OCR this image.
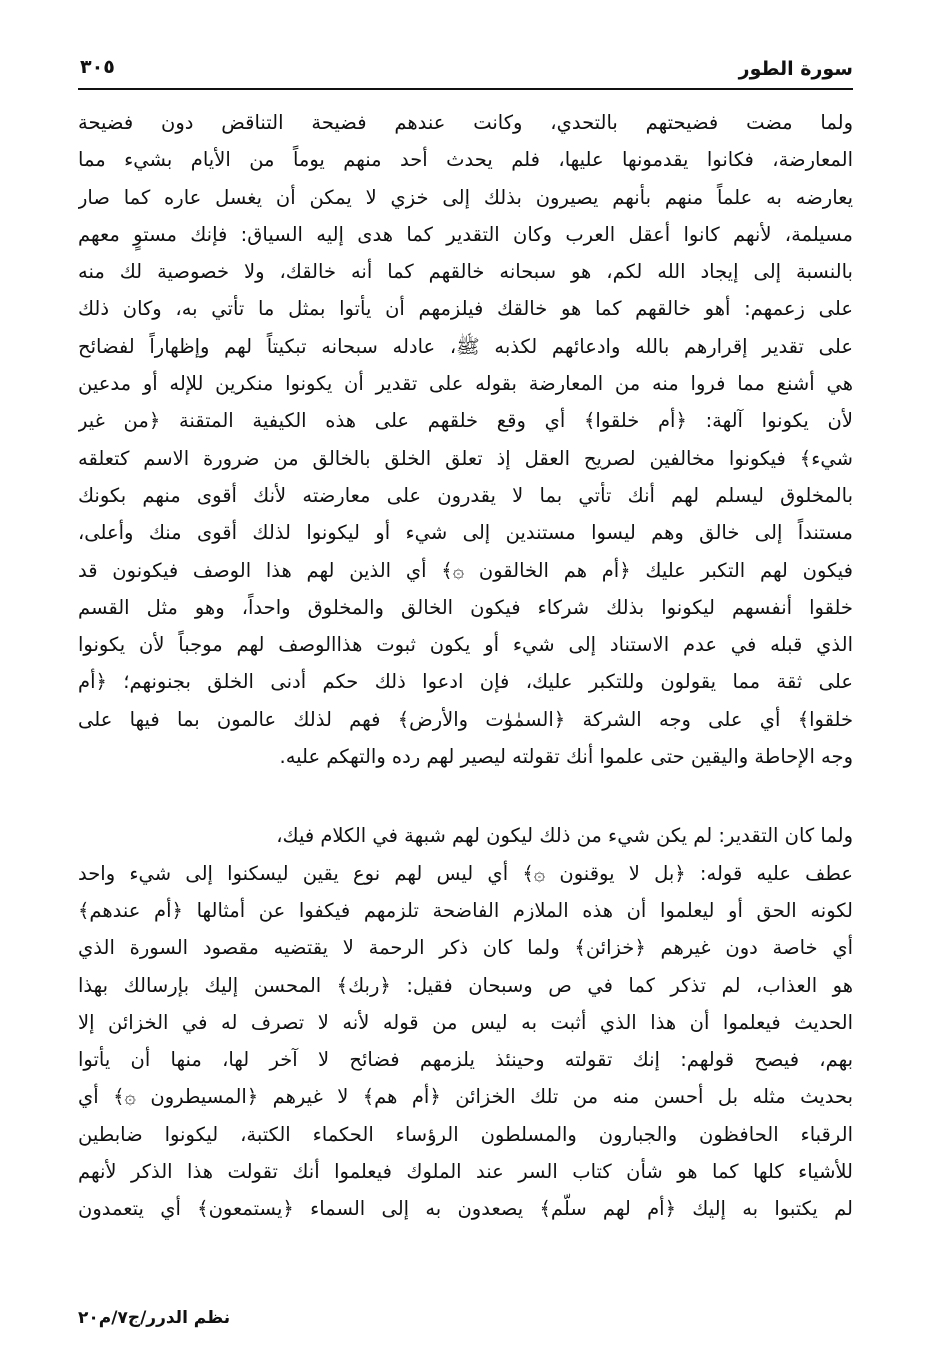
سورة الطور
٣٠٥

ولما مضت فضيحتهم بالتحدي، وكانت عندهم فضيحة التناقض دون فضيحة
المعارضة، فكانوا يقدمونها عليها، فلم يحدث أحد منهم يوماً من الأيام بشيء مما
يعارضه به علماً منهم بأنهم يصيرون بذلك إلى خزي لا يمكن أن يغسل عاره كما صار
مسيلمة، لأنهم كانوا أعقل العرب وكان التقدير كما هدى إليه السياق: فإنك مستوٍ معهم
بالنسبة إلى إيجاد الله لكم، هو سبحانه خالقهم كما أنه خالقك، ولا خصوصية لك منه
على زعمهم: أهو خالقهم كما هو خالقك فيلزمهم أن يأتوا بمثل ما تأتي به، وكان ذلك
على تقدير إقرارهم بالله وادعائهم لكذبه ﷺ، عادله سبحانه تبكيتاً لهم وإظهاراً لفضائح
هي أشنع مما فروا منه من المعارضة بقوله على تقدير أن يكونوا منكرين للإله أو مدعين
لأن يكونوا آلهة: ﴿أم خلقوا﴾ أي وقع خلقهم على هذه الكيفية المتقنة ﴿من غير
شيء﴾ فيكونوا مخالفين لصريح العقل إذ تعلق الخلق بالخالق من ضرورة الاسم كتعلقه
بالمخلوق ليسلم لهم أنك تأتي بما لا يقدرون على معارضته لأنك أقوى منهم بكونك
مستنداً إلى خالق وهم ليسوا مستندين إلى شيء أو ليكونوا لذلك أقوى منك وأعلى،
فيكون لهم التكبر عليك ﴿أم هم الخالقون ۞﴾ أي الذين لهم هذا الوصف فيكونون قد
خلقوا أنفسهم ليكونوا بذلك شركاء فيكون الخالق والمخلوق واحداً، وهو مثل القسم
الذي قبله في عدم الاستناد إلى شيء أو يكون ثبوت هذاالوصف لهم موجباً لأن يكونوا
على ثقة مما يقولون وللتكبر عليك، فإن ادعوا ذلك حكم أدنى الخلق بجنونهم؛ ﴿أم
خلقوا﴾ أي على وجه الشركة ﴿السمٰوٰت والأرض﴾ فهم لذلك عالمون بما فيها على
وجه الإحاطة واليقين حتى علموا أنك تقولته ليصير لهم رده والتهكم عليه.

ولما كان التقدير: لم يكن شيء من ذلك ليكون لهم شبهة في الكلام فيك،
عطف عليه قوله: ﴿بل لا يوقنون ۞﴾ أي ليس لهم نوع يقين ليسكنوا إلى شيء واحد
لكونه الحق أو ليعلموا أن هذه الملازم الفاضحة تلزمهم فيكفوا عن أمثالها ﴿أم عندهم﴾
أي خاصة دون غيرهم ﴿خزائن﴾ ولما كان ذكر الرحمة لا يقتضيه مقصود السورة الذي
هو العذاب، لم تذكر كما في ص وسبحان فقيل: ﴿ربك﴾ المحسن إليك بإرسالك بهذا
الحديث فيعلموا أن هذا الذي أثبت به ليس من قوله لأنه لا تصرف له في الخزائن إلا
بهم، فيصح قولهم: إنك تقولته وحينئذ يلزمهم فضائح لا آخر لها، منها أن يأتوا
بحديث مثله بل أحسن منه من تلك الخزائن ﴿أم هم﴾ لا غيرهم ﴿المسيطرون ۞﴾ أي
الرقباء الحافظون والجبارون والمسلطون الرؤساء الحكماء الكتبة، ليكونوا ضابطين
للأشياء كلها كما هو شأن كتاب السر عند الملوك فيعلموا أنك تقولت هذا الذكر لأنهم
لم يكتبوا به إليك ﴿أم لهم سلّم﴾ يصعدون به إلى السماء ﴿يستمعون﴾ أي يتعمدون

نظم الدرر/ج٧/م٢٠
